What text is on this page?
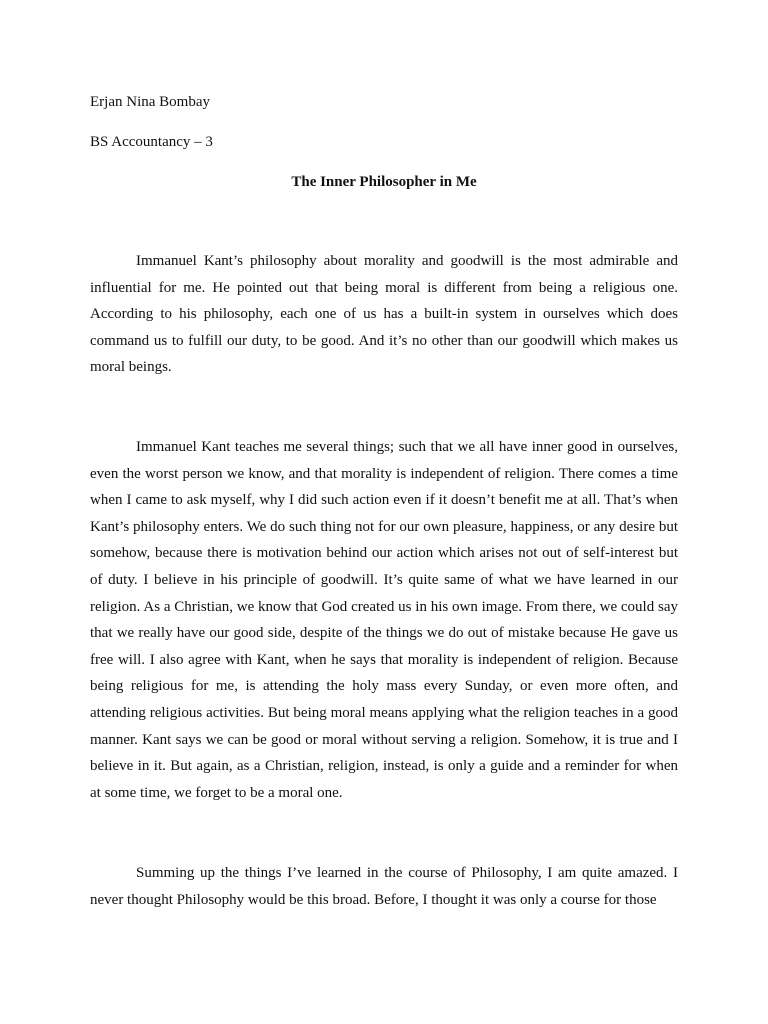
Erjan Nina Bombay
BS Accountancy – 3
The Inner Philosopher in Me

Immanuel Kant’s philosophy about morality and goodwill is the most admirable and influential for me. He pointed out that being moral is different from being a religious one. According to his philosophy, each one of us has a built-in system in ourselves which does command us to fulfill our duty, to be good. And it’s no other than our goodwill which makes us moral beings.

Immanuel Kant teaches me several things; such that we all have inner good in ourselves, even the worst person we know, and that morality is independent of religion. There comes a time when I came to ask myself, why I did such action even if it doesn’t benefit me at all. That’s when Kant’s philosophy enters. We do such thing not for our own pleasure, happiness, or any desire but somehow, because there is motivation behind our action which arises not out of self-interest but of duty. I believe in his principle of goodwill. It’s quite same of what we have learned in our religion. As a Christian, we know that God created us in his own image. From there, we could say that we really have our good side, despite of the things we do out of mistake because He gave us free will. I also agree with Kant, when he says that morality is independent of religion. Because being religious for me, is attending the holy mass every Sunday, or even more often, and attending religious activities. But being moral means applying what the religion teaches in a good manner. Kant says we can be good or moral without serving a religion. Somehow, it is true and I believe in it. But again, as a Christian, religion, instead, is only a guide and a reminder for when at some time, we forget to be a moral one.

Summing up the things I’ve learned in the course of Philosophy, I am quite amazed. I never thought Philosophy would be this broad. Before, I thought it was only a course for those
